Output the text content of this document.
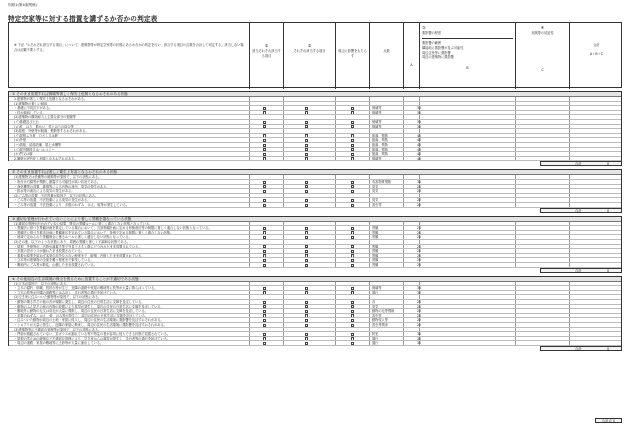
別紙1(第4条関係)
特定空家等に対する措置を講ずるか否かの判定表
※ 下記「①それぞれ該当する項目」について、建築物等が特定空家等の状態にあるか否かの判定を行い、該当する項目の点数を合計して判定する。該当しない場合は記載不要とする。
①
該当それぞれ該当する項目
②
それぞれ該当する項目	周辺に影響をもたらす
点数
A
③
悪影響の程度
悪影響の範囲
隣接地に悪影響が及ぶ可能性
周辺住民等に悪影響
周辺の建築物に悪影響
B
④
危険等の切迫性
C
合計
A＋B＋C
① そのまま放置すれば倒壊等著しく保安上危険となるおそれのある状態
1.建築物が著しく保安上危険となるおそれがある。
(1)建築物の著しい傾斜
・基礎に不同沈下がある。	倒壊等	30
・柱が傾斜している。	倒壊等	30
(2)建築物の構造耐力上主要な部分の損傷等
(イ)基礎及び土台	倒壊等	30
(ロ)柱、はり、筋かい、柱とはりの接合等	倒壊等	30
(3)屋根、外壁等が脱落、飛散等するおそれがある。
(イ)屋根ふき材、ひさし又は軒	脱落、飛散	40
(ロ)外壁	脱落、飛散	40
(ハ)看板、給湯設備、屋上水槽等	脱落、飛散	40
(ニ)屋外階段又はバルコニー	脱落、飛散	40
(ホ)門又は塀	脱落、飛散	40
2.擁壁が老朽化し危険となるおそれがある。	倒壊等	40
合計	0
② そのまま放置すれば著しく衛生上有害となるおそれのある状態
(1)建築物又は設備等の破損等が原因で、以下の状態にある。
・吹付け石綿等が飛散し暴露する可能性が高い状況である。	有害物質飛散	30
・浄化槽等の放置、破損等による汚物の流出、臭気の発生がある。	臭気	20
・排水等の流出による臭気の発生がある。	臭気	20
(2)ごみ等の放置、不法投棄が原因で、以下の状態にある。
・ごみ等の放置、不法投棄による臭気の発生がある。	臭気	20
・ごみ等の放置、不法投棄により、多数のねずみ、はえ、蚊等が発生している。	害虫等	20
合計	0
③ 適切な管理が行われていないことにより著しく景観を損なっている状態
(1)適切な管理が行われていない結果、既存の景観ルールに著しく適合しない状態となっている。
・景観法に基づき景観計画を策定している場合において、当該景観計画に定める形態意匠等の制限に著しく適合しない状態となっている。	景観	20
・景観法に基づき都市計画に景観地区を定めている場合において、条例で定める制限に著しく適合しない状態。	景観	20
・地域で定められた景観保全に係るルールに著しく適合しない状態となっている。	景観	20
(2)その他、以下のような状態にあり、周囲の景観と著しく不調和な状態である。
・屋根、外壁等が、汚物や落書き等で外見上大きく傷んだり汚れたまま放置されている。	景観	20
・多数の窓ガラスが割れたまま放置されている。	景観	20
・看板が原型を留めず本来の用をなさない程度まで、破損、汚損したまま放置されている。	景観	20
・立木等が建築物の全面を覆う程度まで繁茂している。	景観	20
・敷地内にごみ等が散乱、山積したまま放置されている。	景観	20
合計	0
④ その他周辺の生活環境の保全を図るために放置することが不適切である状態
(1)立木が原因で、以下の状態にある。
・立木の腐朽、倒壊、枝折れ等が生じ、近隣の道路や家屋の敷地等に枝等が大量に散らばっている。	倒壊等	30
・立木の枝等が近隣の道路等にはみ出し、歩行者等の通行を妨げている。	通行	30
(2)空き家に住みついた動物等が原因で、以下の状態にある。
・動物の鳴き声その他の音が頻繁に発生し、周辺の住民の日常生活に支障を及ぼしている。	音	20
・動物のふん尿その他の汚物の放置により臭気が発生し、周辺の住民の日常生活に支障を及ぼしている。	臭気	20
・敷地外に動物の毛又は羽毛が大量に飛散し、周辺の住民の日常生活に支障を及ぼしている。	動物の毛等飛散	20
・多数のねずみ、はえ、蚊、のみ等が発生し、周辺の住民の日常生活に支障を及ぼしている。	害虫等	20
・住みついた動物が周辺の土地・家屋に侵入し、周辺の住民の生活環境に悪影響を及ぼすおそれがある。	動物侵入等	20
・シロアリが大量に発生し、近隣の家屋に飛来し、周辺の住民の生活環境に悪影響を及ぼすおそれがある。	害虫等飛来	20
(3)建築物等の不適切な管理等が原因で、以下の状態にある。
・門扉が施錠されていない、窓ガラスが割れている等不特定の者が容易に侵入できる状態で放置されている。	防犯	30
・屋根の雪止めの破損など不適切な管理により、空き家からの落雪が発生し、歩行者等の通行を妨げている。	通行	30
・周辺の道路、家屋の敷地等に土砂等が大量に流出している。	通行	30
合計	0
合計点 0
